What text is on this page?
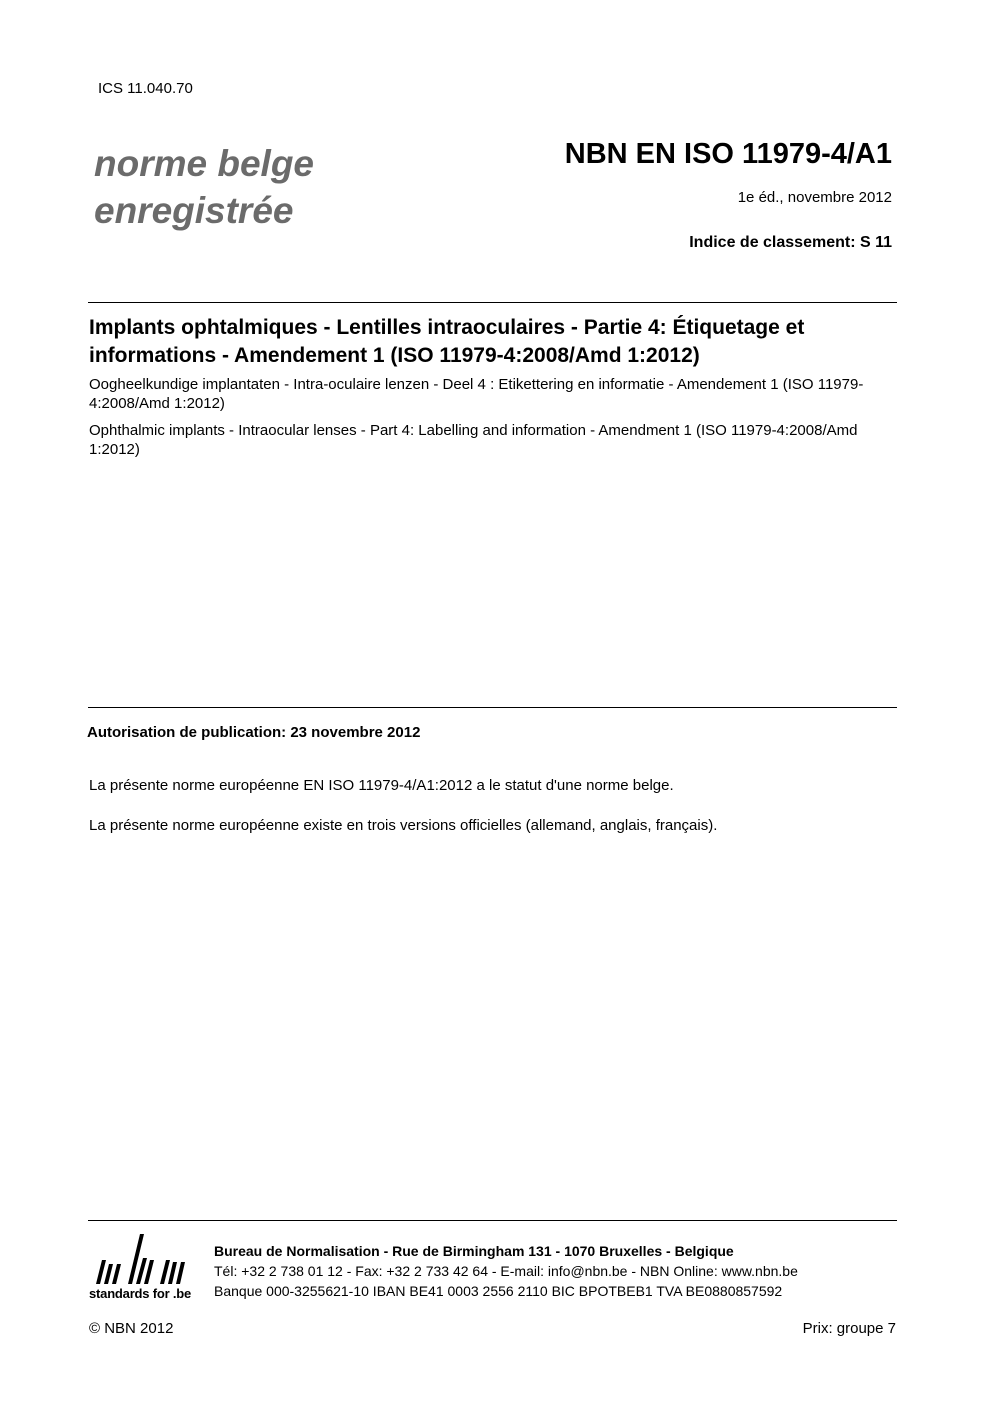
ICS 11.040.70
norme belge
enregistrée
NBN EN ISO 11979-4/A1
1e éd., novembre 2012
Indice de classement: S 11
Implants ophtalmiques - Lentilles intraoculaires - Partie 4: Étiquetage et informations - Amendement 1 (ISO 11979-4:2008/Amd 1:2012)
Oogheelkundige implantaten - Intra-oculaire lenzen - Deel 4 : Etikettering en informatie - Amendement 1 (ISO 11979-4:2008/Amd 1:2012)
Ophthalmic implants - Intraocular lenses - Part 4: Labelling and information - Amendment 1 (ISO 11979-4:2008/Amd 1:2012)
Autorisation de publication: 23 novembre 2012
La présente norme européenne EN ISO 11979-4/A1:2012 a le statut d'une norme belge.
La présente norme européenne existe en trois versions officielles (allemand, anglais, français).
standards for .be
Bureau de Normalisation - Rue de Birmingham 131 - 1070 Bruxelles - Belgique
Tél: +32 2 738 01 12 - Fax: +32 2 733 42 64 - E-mail: info@nbn.be - NBN Online: www.nbn.be
Banque 000-3255621-10 IBAN BE41 0003 2556 2110 BIC BPOTBEB1 TVA BE0880857592
© NBN 2012	Prix: groupe 7
